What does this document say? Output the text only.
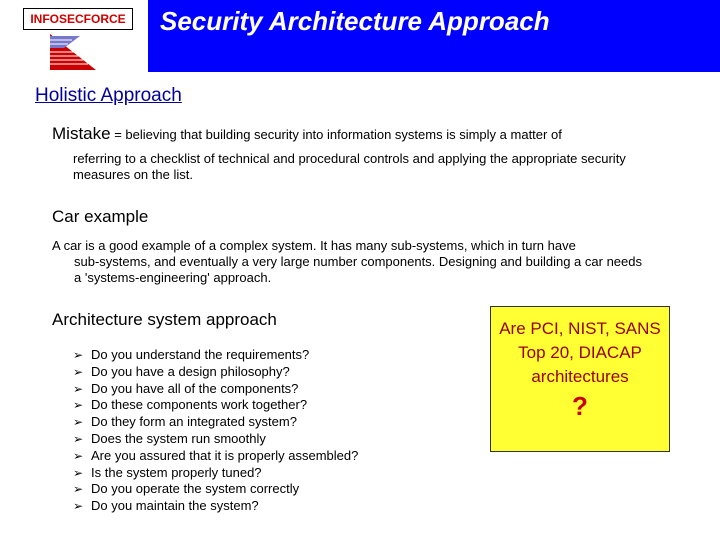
Security Architecture Approach
INFOSECFORCE
Holistic Approach
Mistake = believing that building security into information systems is simply a matter of
referring to a checklist of technical and procedural controls and applying the appropriate security measures on the list.
Car example
A car is a good example of a complex system. It has many sub-systems, which in turn have
sub-systems, and eventually a very large number components. Designing and building a car needs a 'systems-engineering' approach.
Architecture system approach
➢ Do you understand the requirements?
➢ Do you have a design philosophy?
➢ Do you have all of the components?
➢ Do these components work together?
➢ Do they form an integrated system?
➢ Does the system run smoothly
➢ Are you assured that it is properly assembled?
➢ Is the system properly tuned?
➢ Do you operate the system correctly
➢ Do you maintain the system?
Are PCI, NIST, SANS Top 20, DIACAP architectures
?
